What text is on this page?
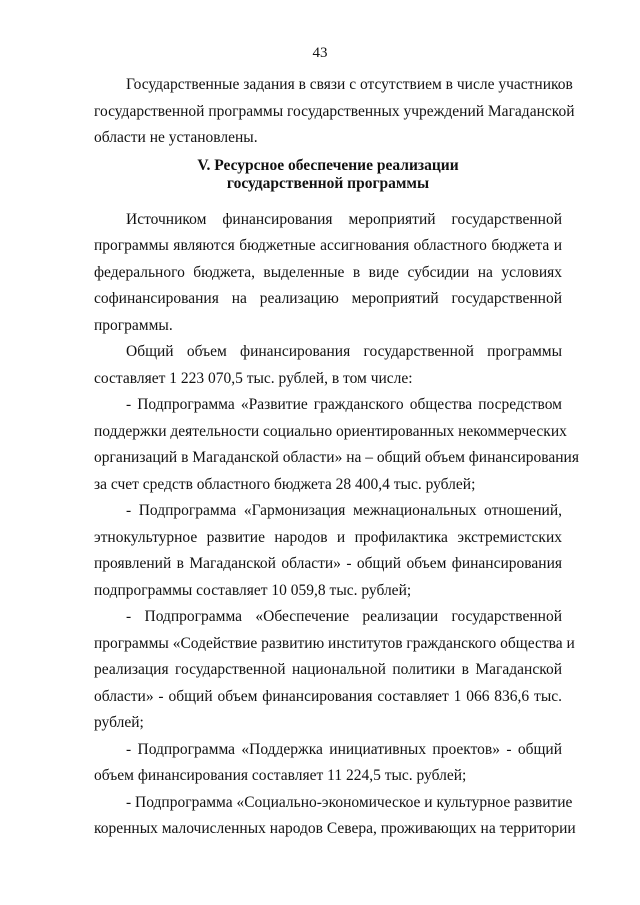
43
Государственные задания в связи с отсутствием в числе участников
государственной программы государственных учреждений Магаданской
области не установлены.
V. Ресурсное обеспечение реализации
государственной программы
Источником финансирования мероприятий государственной
программы являются бюджетные ассигнования областного бюджета и
федерального бюджета, выделенные в виде субсидии на условиях
софинансирования на реализацию мероприятий государственной
программы.
Общий объем финансирования государственной программы
составляет 1 223 070,5 тыс. рублей, в том числе:
- Подпрограмма «Развитие гражданского общества посредством
поддержки деятельности социально ориентированных некоммерческих
организаций в Магаданской области» на – общий объем финансирования
за счет средств областного бюджета 28 400,4 тыс. рублей;
- Подпрограмма «Гармонизация межнациональных отношений,
этнокультурное развитие народов и профилактика экстремистских
проявлений в Магаданской области» - общий объем финансирования
подпрограммы составляет 10 059,8 тыс. рублей;
- Подпрограмма «Обеспечение реализации государственной
программы «Содействие развитию институтов гражданского общества и
реализация государственной национальной политики в Магаданской
области» - общий объем финансирования составляет 1 066 836,6 тыс.
рублей;
- Подпрограмма «Поддержка инициативных проектов» - общий
объем финансирования составляет 11 224,5 тыс. рублей;
- Подпрограмма «Социально-экономическое и культурное развитие
коренных малочисленных народов Севера, проживающих на территории
